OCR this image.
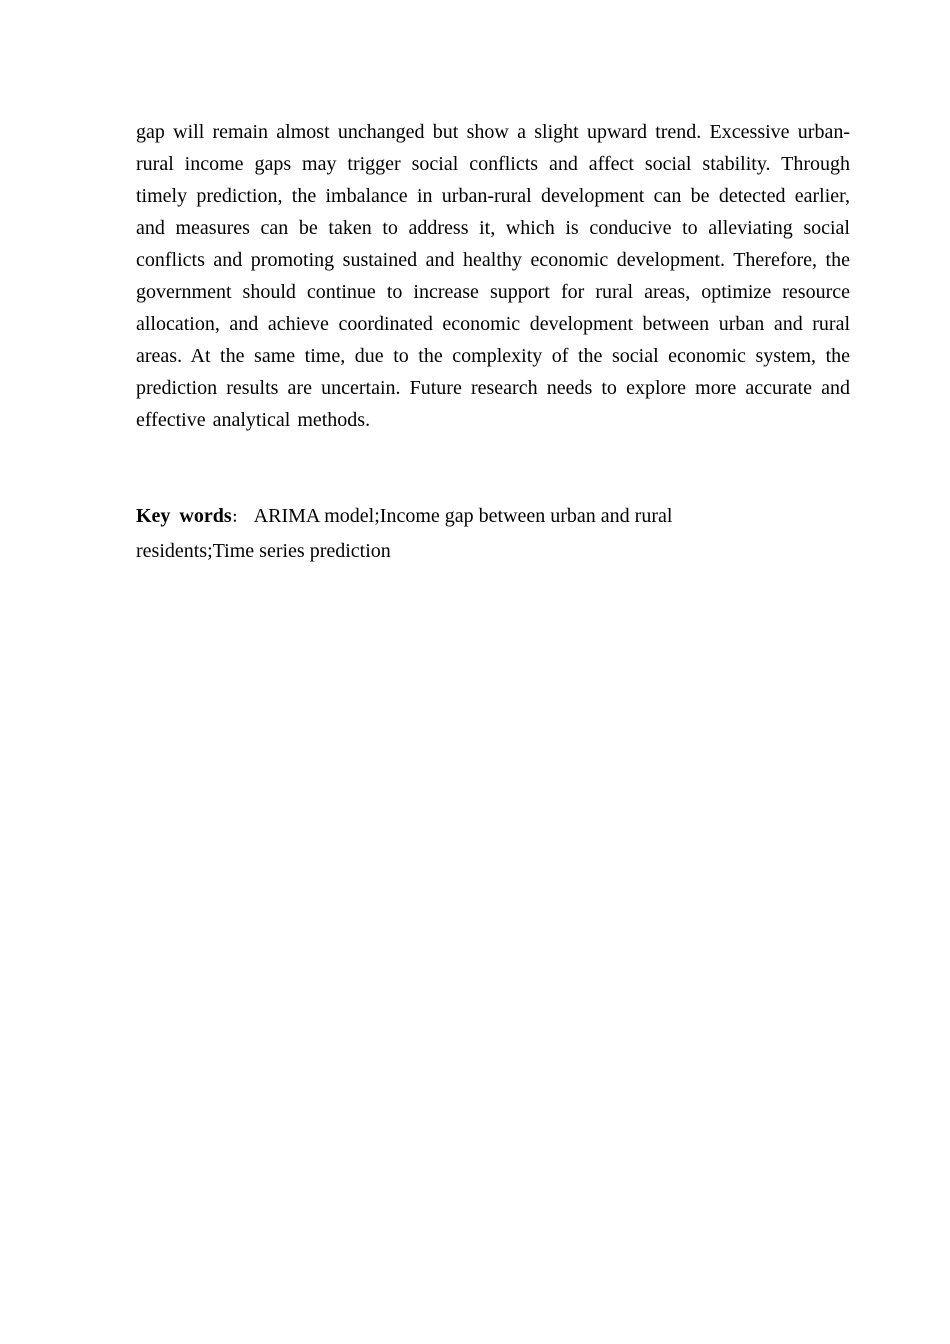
gap will remain almost unchanged but show a slight upward trend. Excessive urban-rural income gaps may trigger social conflicts and affect social stability. Through timely prediction, the imbalance in urban-rural development can be detected earlier, and measures can be taken to address it, which is conducive to alleviating social conflicts and promoting sustained and healthy economic development. Therefore, the government should continue to increase support for rural areas, optimize resource allocation, and achieve coordinated economic development between urban and rural areas. At the same time, due to the complexity of the social economic system, the prediction results are uncertain. Future research needs to explore more accurate and effective analytical methods.

Key words： ARIMA model;Income gap between urban and rural residents;Time series prediction
